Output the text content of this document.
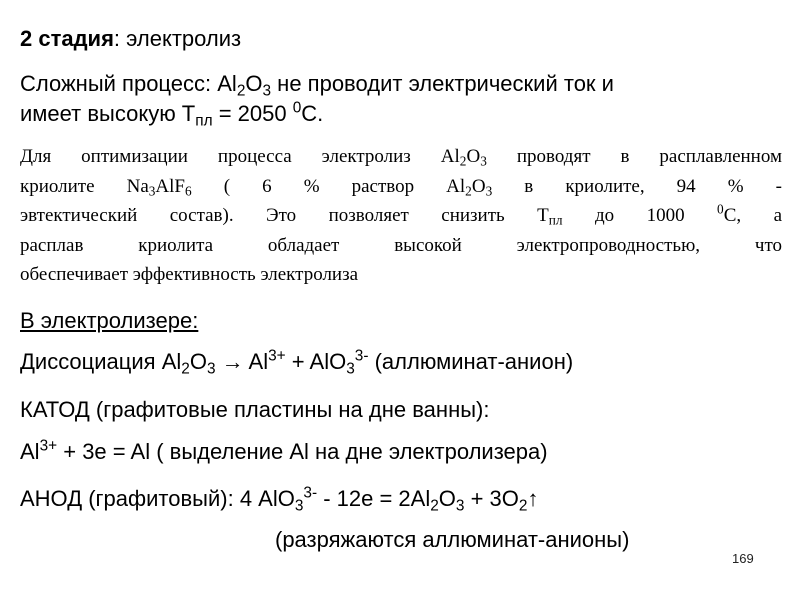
2 стадия: электролиз
Сложный процесс: $Al_2O_3$ не проводит электрический ток и
имеет высокую $Т_{пл} = 2050$ $^0$С.
Для оптимизации процесса электролиз $Al_2O_3$ проводят в расплавленном
криолите $Na_3AlF_6$ ( 6 % раствор $Al_2O_3$ в криолите, 94 % -
эвтектический состав). Это позволяет снизить $Т_{пл}$ до 1000 $^0$С, а
расплав криолита обладает высокой электропроводностью, что
обеспечивает эффективность электролиза
В электролизере:
Диссоциация $Al_2O_3 \to Al^{3+} + AlO_3^{3-}$ (аллюминат-анион)
КАТОД (графитовые пластины на дне ванны):
$Al^{3+} + 3e = Al$ ( выделение Al на дне электролизера)
АНОД (графитовый): 4 $AlO_3^{3-} - 12e = 2Al_2O_3$ + $3O_2↑$
(разряжаются аллюминат-анионы)
169
